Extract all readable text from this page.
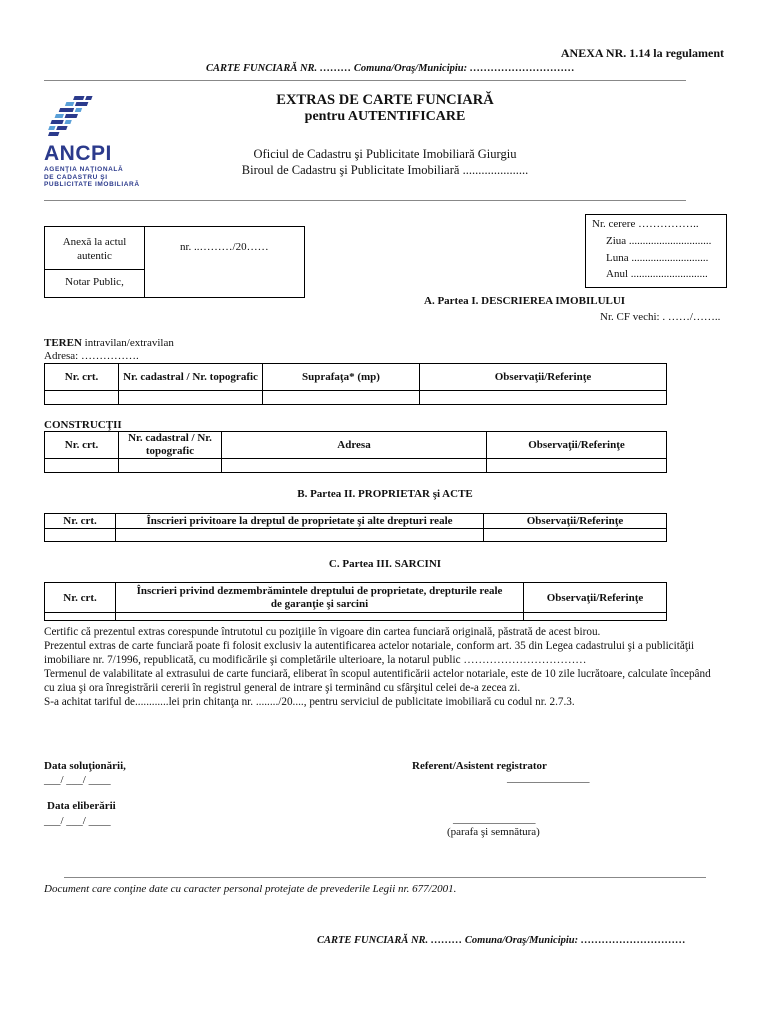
ANEXA NR. 1.14 la regulament
CARTE FUNCIARĂ NR. ……… Comuna/Oraş/Municipiu: …………………………
ANCPI
AGENŢIA NAŢIONALĂ
DE CADASTRU ŞI
PUBLICITATE IMOBILIARĂ
EXTRAS DE CARTE FUNCIARĂ
pentru AUTENTIFICARE
Oficiul de Cadastru şi Publicitate Imobiliară Giurgiu
Biroul de Cadastru şi Publicitate Imobiliară .....................
Nr. cerere ……………..
Ziua ..............................
Luna ............................
Anul ............................
Anexă la actul autentic
nr. ..………/20……
Notar Public,
A. Partea I. DESCRIEREA IMOBILULUI
Nr. CF vechi: . ……/……..
TEREN intravilan/extravilan
Adresa: …………….
Nr. crt.	Nr. cadastral / Nr. topografic	Suprafaţa* (mp)	Observaţii/Referinţe

CONSTRUCŢII
Nr. crt.	Nr. cadastral / Nr. topografic	Adresa	Observaţii/Referinţe

B. Partea II. PROPRIETAR şi ACTE
Nr. crt.	Înscrieri privitoare la dreptul de proprietate şi alte drepturi reale	Observaţii/Referinţe

C. Partea III. SARCINI
Nr. crt.	Înscrieri privind dezmembrămintele dreptului de proprietate, drepturile reale de garanţie şi sarcini	Observaţii/Referinţe

Certific că prezentul extras corespunde întrutotul cu poziţiile în vigoare din cartea funciară originală, păstrată de acest birou.
Prezentul extras de carte funciară poate fi folosit exclusiv la autentificarea actelor notariale, conform art. 35 din Legea cadastrului şi a publicităţii
imobiliare nr. 7/1996, republicată, cu modificările şi completările ulterioare, la notarul public ……………………………
Termenul de valabilitate al extrasului de carte funciară, eliberat în scopul autentificării actelor notariale, este de 10 zile lucrătoare, calculate începând
cu ziua şi ora înregistrării cererii în registrul general de intrare şi terminând cu sfârşitul celei de-a zecea zi.
S-a achitat tariful de............lei prin chitanţa nr. ......../20...., pentru serviciul de publicitate imobiliară cu codul nr. 2.7.3.
Data soluţionării,
___/ ___/ ____
Data eliberării
___/ ___/ ____
Referent/Asistent registrator
_______________
_______________
(parafa şi semnătura)
Document care conţine date cu caracter personal protejate de prevederile Legii nr. 677/2001.
CARTE FUNCIARĂ NR. ……… Comuna/Oraş/Municipiu: …………………………
